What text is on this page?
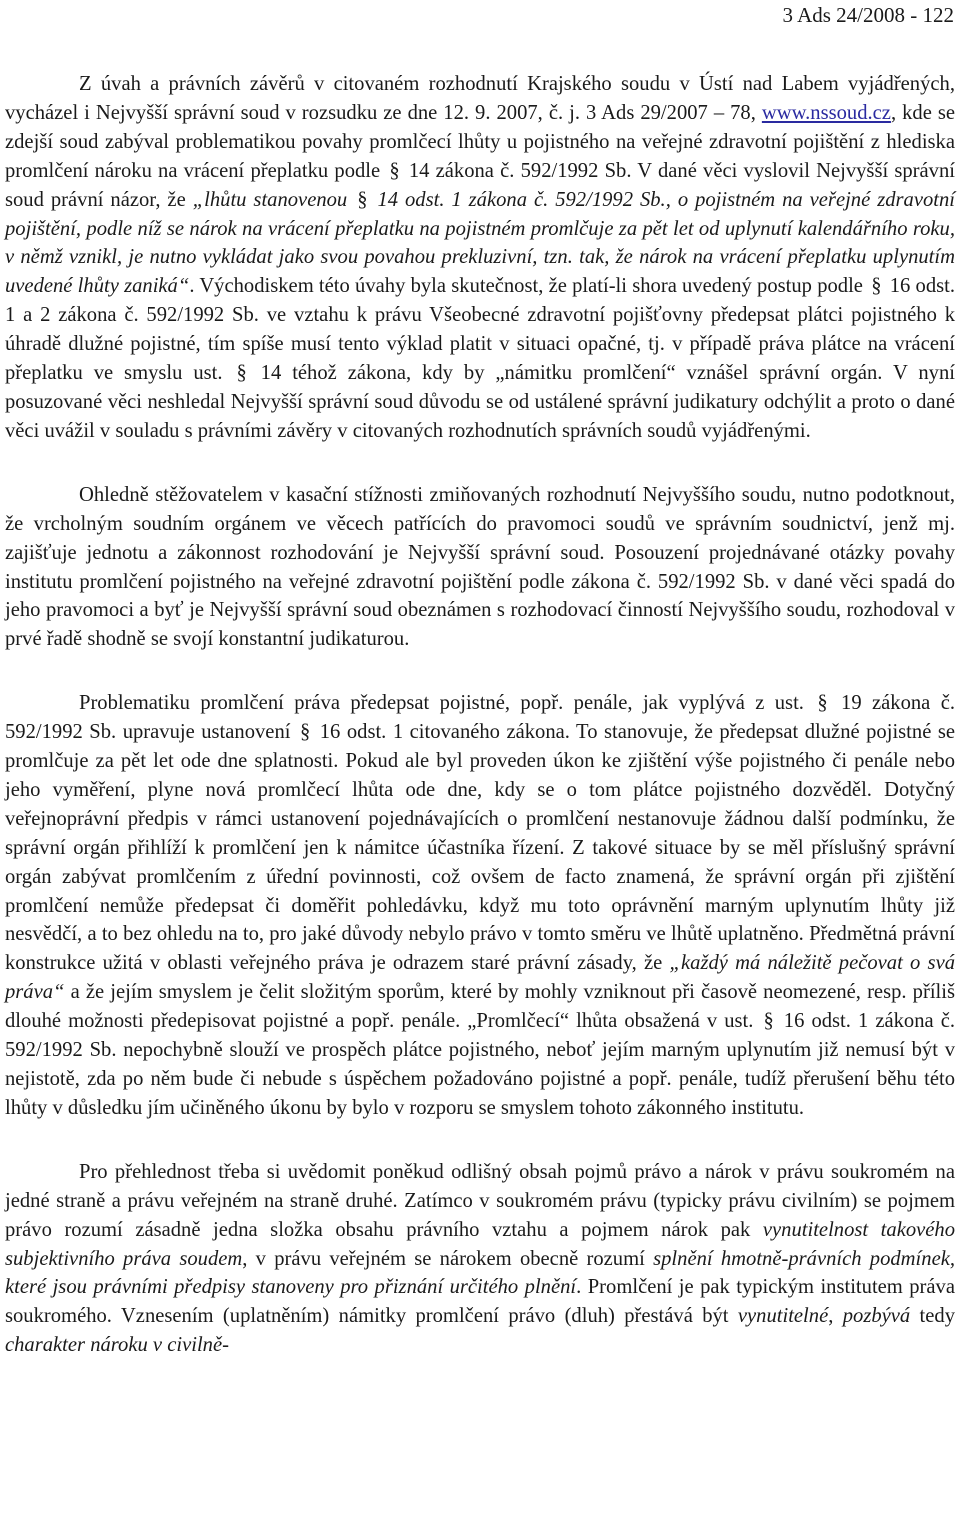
3 Ads 24/2008 - 122

Z úvah a právních závěrů v citovaném rozhodnutí Krajského soudu v Ústí nad Labem vyjádřených, vycházel i Nejvyšší správní soud v rozsudku ze dne 12. 9. 2007, č. j. 3 Ads 29/2007 – 78, www.nssoud.cz, kde se zdejší soud zabýval problematikou povahy promlčecí lhůty u pojistného na veřejné zdravotní pojištění z hlediska promlčení nároku na vrácení přeplatku podle § 14 zákona č. 592/1992 Sb. V dané věci vyslovil Nejvyšší správní soud právní názor, že „lhůtu stanovenou § 14 odst. 1 zákona č. 592/1992 Sb., o pojistném na veřejné zdravotní pojištění, podle níž se nárok na vrácení přeplatku na pojistném promlčuje za pět let od uplynutí kalendářního roku, v němž vznikl, je nutno vykládat jako svou povahou prekluzivní, tzn. tak, že nárok na vrácení přeplatku uplynutím uvedené lhůty zaniká“. Východiskem této úvahy byla skutečnost, že platí-li shora uvedený postup podle § 16 odst. 1 a 2 zákona č. 592/1992 Sb. ve vztahu k právu Všeobecné zdravotní pojišťovny předepsat plátci pojistného k úhradě dlužné pojistné, tím spíše musí tento výklad platit v situaci opačné, tj. v případě práva plátce na vrácení přeplatku ve smyslu ust. § 14 téhož zákona, kdy by „námitku promlčení“ vznášel správní orgán. V nyní posuzované věci neshledal Nejvyšší správní soud důvodu se od ustálené správní judikatury odchýlit a proto o dané věci uvážil v souladu s právními závěry v citovaných rozhodnutích správních soudů vyjádřenými.

Ohledně stěžovatelem v kasační stížnosti zmiňovaných rozhodnutí Nejvyššího soudu, nutno podotknout, že vrcholným soudním orgánem ve věcech patřících do pravomoci soudů ve správním soudnictví, jenž mj. zajišťuje jednotu a zákonnost rozhodování je Nejvyšší správní soud. Posouzení projednávané otázky povahy institutu promlčení pojistného na veřejné zdravotní pojištění podle zákona č. 592/1992 Sb. v dané věci spadá do jeho pravomoci a byť je Nejvyšší správní soud obeznámen s rozhodovací činností Nejvyššího soudu, rozhodoval v prvé řadě shodně se svojí konstantní judikaturou.

Problematiku promlčení práva předepsat pojistné, popř. penále, jak vyplývá z ust. § 19 zákona č. 592/1992 Sb. upravuje ustanovení § 16 odst. 1 citovaného zákona. To stanovuje, že předepsat dlužné pojistné se promlčuje za pět let ode dne splatnosti. Pokud ale byl proveden úkon ke zjištění výše pojistného či penále nebo jeho vyměření, plyne nová promlčecí lhůta ode dne, kdy se o tom plátce pojistného dozvěděl. Dotyčný veřejnoprávní předpis v rámci ustanovení pojednávajících o promlčení nestanovuje žádnou další podmínku, že správní orgán přihlíží k promlčení jen k námitce účastníka řízení. Z takové situace by se měl příslušný správní orgán zabývat promlčením z úřední povinnosti, což ovšem de facto znamená, že správní orgán při zjištění promlčení nemůže předepsat či doměřit pohledávku, když mu toto oprávnění marným uplynutím lhůty již nesvědčí, a to bez ohledu na to, pro jaké důvody nebylo právo v tomto směru ve lhůtě uplatněno. Předmětná právní konstrukce užitá v oblasti veřejného práva je odrazem staré právní zásady, že „každý má náležitě pečovat o svá práva“ a že jejím smyslem je čelit složitým sporům, které by mohly vzniknout při časově neomezené, resp. příliš dlouhé možnosti předepisovat pojistné a popř. penále. „Promlčecí“ lhůta obsažená v ust. § 16 odst. 1 zákona č. 592/1992 Sb. nepochybně slouží ve prospěch plátce pojistného, neboť jejím marným uplynutím již nemusí být v nejistotě, zda po něm bude či nebude s úspěchem požadováno pojistné a popř. penále, tudíž přerušení běhu této lhůty v důsledku jím učiněného úkonu by bylo v rozporu se smyslem tohoto zákonného institutu.

Pro přehlednost třeba si uvědomit poněkud odlišný obsah pojmů právo a nárok v právu soukromém na jedné straně a právu veřejném na straně druhé. Zatímco v soukromém právu (typicky právu civilním) se pojmem právo rozumí zásadně jedna složka obsahu právního vztahu a pojmem nárok pak vynutitelnost takového subjektivního práva soudem, v právu veřejném se nárokem obecně rozumí splnění hmotně-právních podmínek, které jsou právními předpisy stanoveny pro přiznání určitého plnění. Promlčení je pak typickým institutem práva soukromého. Vznesením (uplatněním) námitky promlčení právo (dluh) přestává být vynutitelné, pozbývá tedy charakter nároku v civilně-
